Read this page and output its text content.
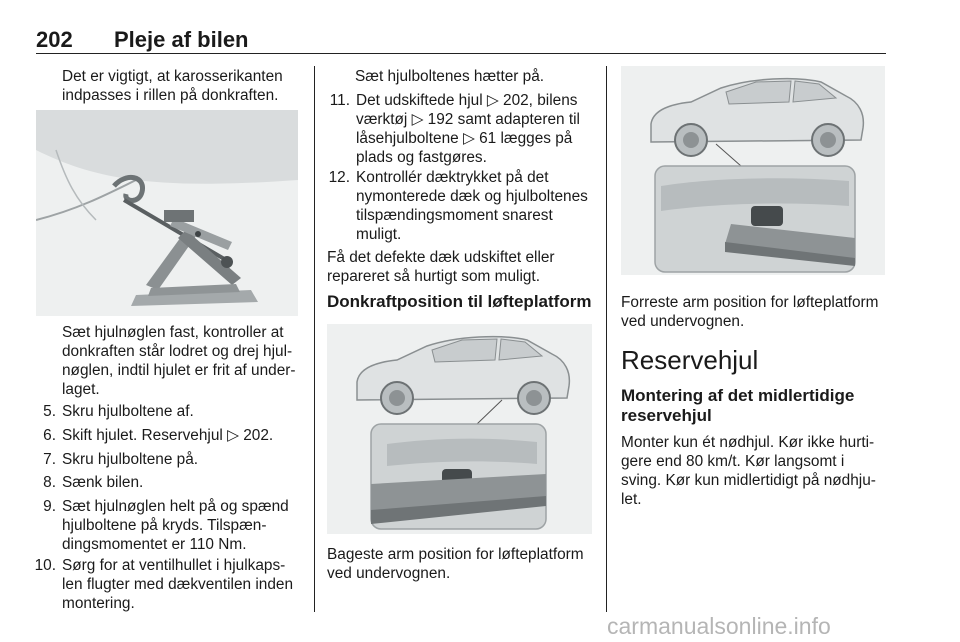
202 Pleje af bilen
Det er vigtigt, at karosserikanten
indpasses i rillen på donkraften.
Sæt hjulnøglen fast, kontroller at
donkraften står lodret og drej hjul-
nøglen, indtil hjulet er frit af under-
laget.
5. Skru hjulboltene af.
6. Skift hjulet. Reservehjul ▷ 202.
7. Skru hjulboltene på.
8. Sænk bilen.
9. Sæt hjulnøglen helt på og spænd
hjulboltene på kryds. Tilspæn-
dingsmomentet er 110 Nm.
10. Sørg for at ventilhullet i hjulkaps-
len flugter med dækventilen inden
montering.
Sæt hjulboltenes hætter på.
11. Det udskiftede hjul ▷ 202, bilens
værktøj ▷ 192 samt adapteren til
låsehjulboltene ▷ 61 lægges på
plads og fastgøres.
12. Kontrollér dæktrykket på det
nymonterede dæk og hjulboltenes
tilspændingsmoment snarest
muligt.
Få det defekte dæk udskiftet eller
repareret så hurtigt som muligt.
Donkraftposition til løfteplatform
Bageste arm position for løfteplatform
ved undervognen.
Forreste arm position for løfteplatform
ved undervognen.
Reservehjul
Montering af det midlertidige
reservehjul
Monter kun ét nødhjul. Kør ikke hurti-
gere end 80 km/t. Kør langsomt i
sving. Kør kun midlertidigt på nødhju-
let.
carmanualsonline.info
